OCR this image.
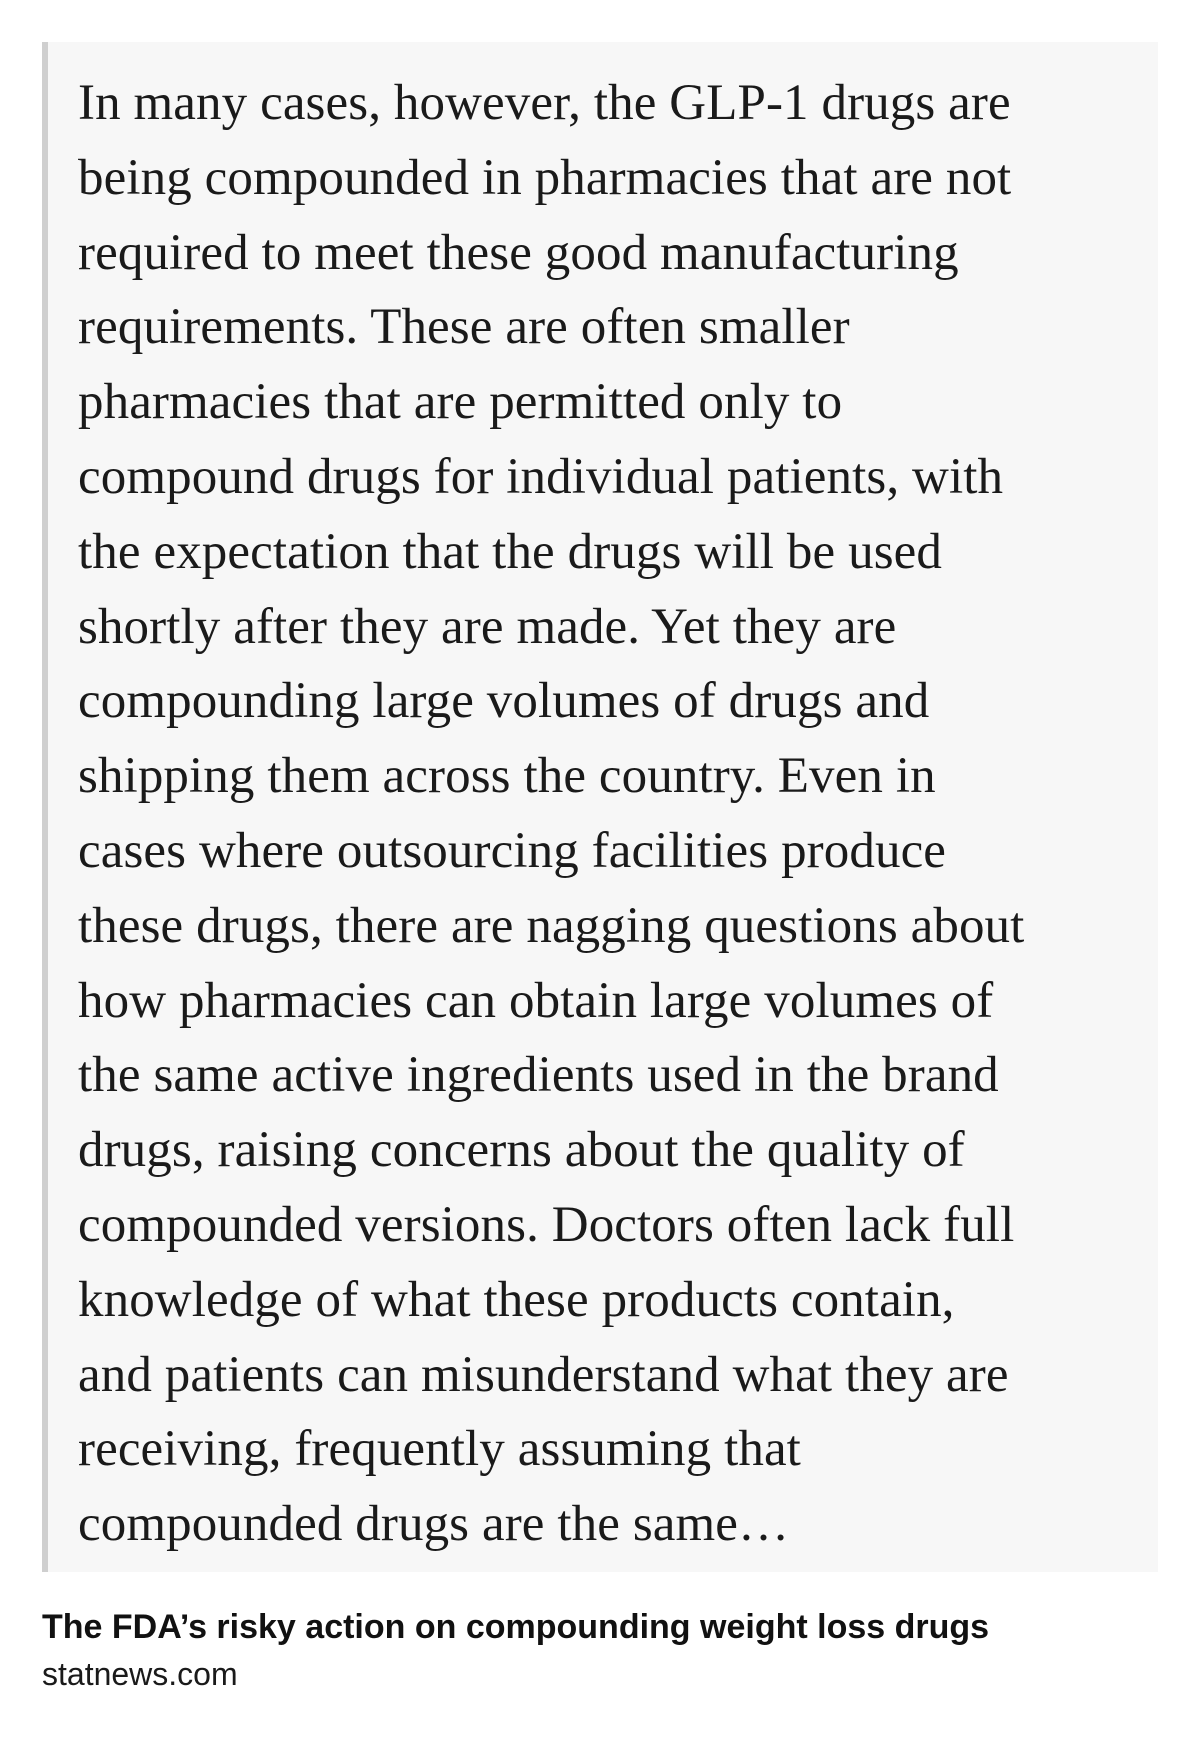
In many cases, however, the GLP-1 drugs are
being compounded in pharmacies that are not
required to meet these good manufacturing
requirements. These are often smaller
pharmacies that are permitted only to
compound drugs for individual patients, with
the expectation that the drugs will be used
shortly after they are made. Yet they are
compounding large volumes of drugs and
shipping them across the country. Even in
cases where outsourcing facilities produce
these drugs, there are nagging questions about
how pharmacies can obtain large volumes of
the same active ingredients used in the brand
drugs, raising concerns about the quality of
compounded versions. Doctors often lack full
knowledge of what these products contain,
and patients can misunderstand what they are
receiving, frequently assuming that
compounded drugs are the same…

The FDA’s risky action on compounding weight loss drugs
statnews.com
